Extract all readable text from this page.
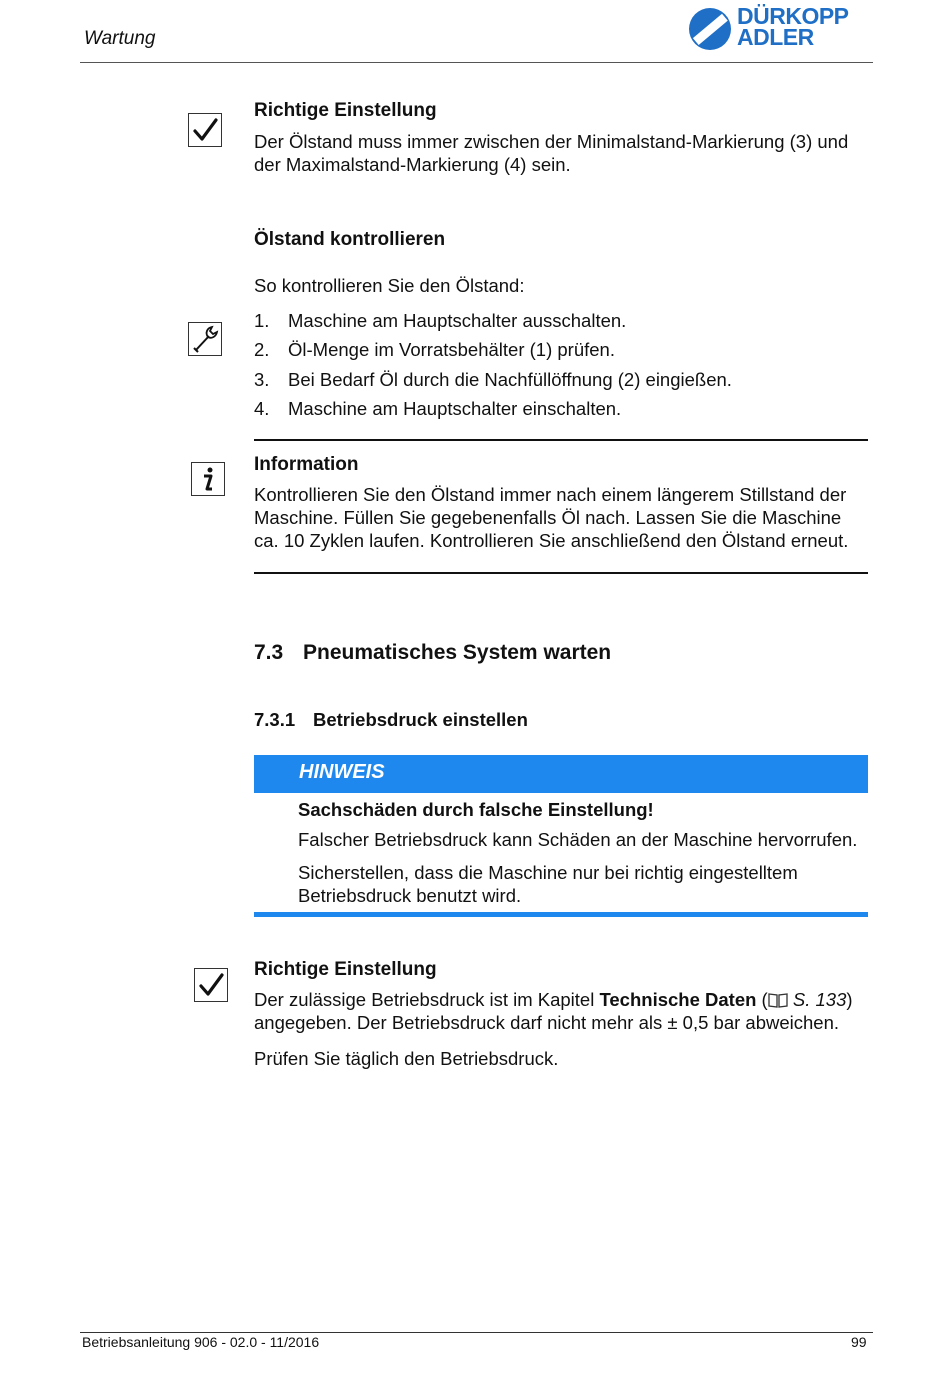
Wartung
DÜRKOPP
ADLER
Richtige Einstellung
Der Ölstand muss immer zwischen der Minimalstand-Markierung (3) und
der Maximalstand-Markierung (4) sein.
Ölstand kontrollieren
So kontrollieren Sie den Ölstand:
1. Maschine am Hauptschalter ausschalten.
2. Öl-Menge im Vorratsbehälter (1) prüfen.
3. Bei Bedarf Öl durch die Nachfüllöffnung (2) eingießen.
4. Maschine am Hauptschalter einschalten.
Information
Kontrollieren Sie den Ölstand immer nach einem längerem Stillstand der
Maschine. Füllen Sie gegebenenfalls Öl nach. Lassen Sie die Maschine
ca. 10 Zyklen laufen. Kontrollieren Sie anschließend den Ölstand erneut.
7.3 Pneumatisches System warten
7.3.1 Betriebsdruck einstellen
HINWEIS
Sachschäden durch falsche Einstellung!
Falscher Betriebsdruck kann Schäden an der Maschine hervorrufen.
Sicherstellen, dass die Maschine nur bei richtig eingestelltem
Betriebsdruck benutzt wird.
Richtige Einstellung
Der zulässige Betriebsdruck ist im Kapitel Technische Daten ( S. 133)
angegeben. Der Betriebsdruck darf nicht mehr als ± 0,5 bar abweichen.
Prüfen Sie täglich den Betriebsdruck.
Betriebsanleitung 906 - 02.0 - 11/2016	99
